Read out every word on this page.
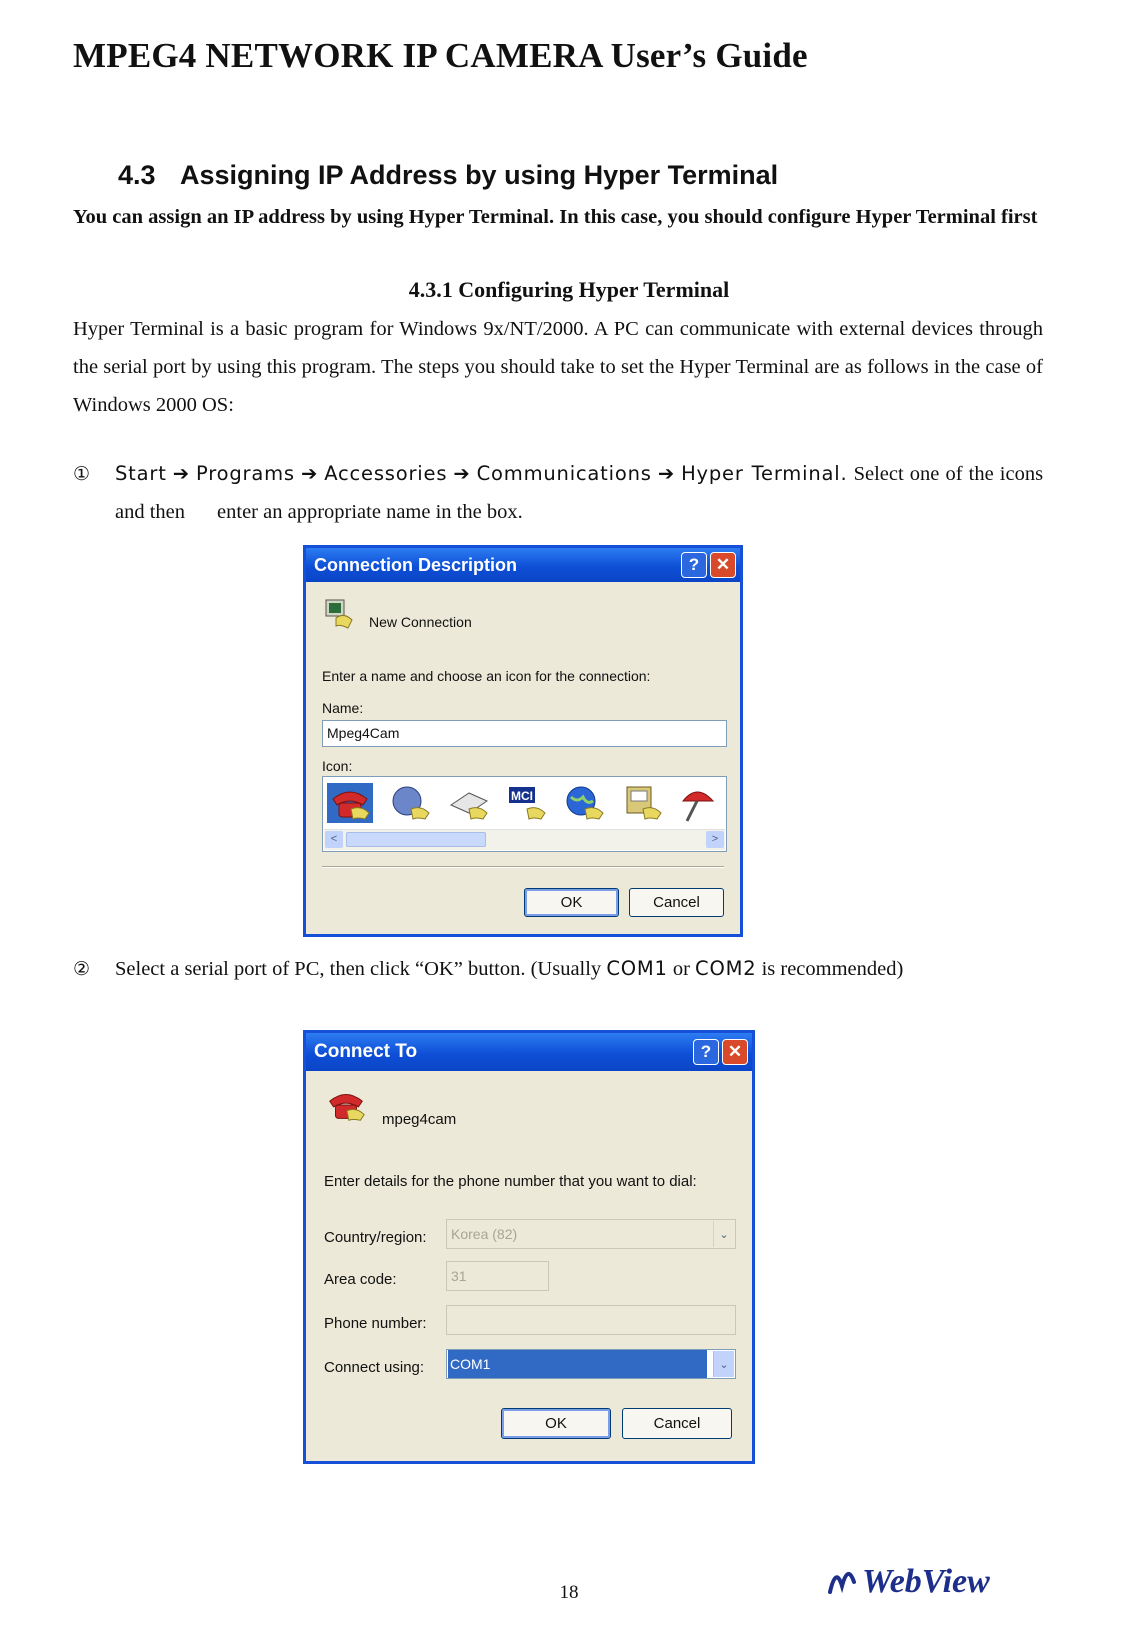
MPEG4 NETWORK IP CAMERA User’s Guide
4.3 Assigning IP Address by using Hyper Terminal
You can assign an IP address by using Hyper Terminal. In this case, you should configure Hyper Terminal first
4.3.1 Configuring Hyper Terminal
Hyper Terminal is a basic program for Windows 9x/NT/2000. A PC can communicate with external devices through the serial port by using this program. The steps you should take to set the Hyper Terminal are as follows in the case of Windows 2000 OS:
① Start ➔ Programs ➔ Accessories ➔ Communications ➔ Hyper Terminal. Select one of the icons and then enter an appropriate name in the box.
Connection Description	? ✕
New Connection
Enter a name and choose an icon for the connection:
Name:
Mpeg4Cam
Icon:
MCI
<	>
OK	Cancel
② Select a serial port of PC, then click “OK” button. (Usually COM1 or COM2 is recommended)
Connect To	? ✕
mpeg4cam
Enter details for the phone number that you want to dial:
Country/region:	Korea (82)	⌄
Area code:	31
Phone number:
Connect using: COM1	⌄
OK	Cancel
18	WebView
